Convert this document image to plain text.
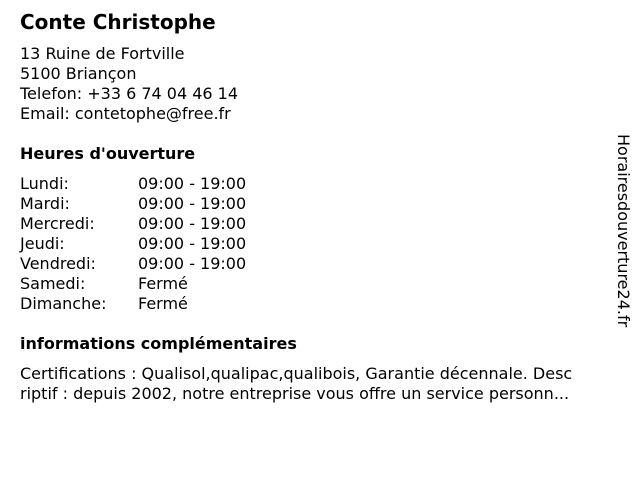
Conte Christophe
13 Ruine de Fortville
5100 Briançon
Telefon: +33 6 74 04 46 14
Email: contetophe@free.fr
Heures d'ouverture
Lundi:	09:00 - 19:00
Mardi:	09:00 - 19:00
Mercredi:	09:00 - 19:00
Jeudi:	09:00 - 19:00
Vendredi:	09:00 - 19:00
Samedi:	Fermé
Dimanche:	Fermé
informations complémentaires
Certifications : Qualisol,qualipac,qualibois, Garantie décennale. Desc
riptif : depuis 2002, notre entreprise vous offre un service personn...
Horairesdouverture24.fr
